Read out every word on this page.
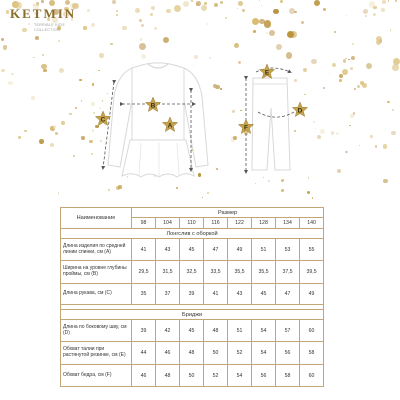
KETMIN
TERRIBLE KIDS
COLLECTION
C
B
A
E
F
D
Наименование	Размер							
	98	104	110	116	122	128	134	140
Лонгслив с оборкой								
Длина изделия по средней линии спинки, см (А)	41	43	45	47	49	51	53	55
Ширина на уровне глубины проймы, см (В)	29,5	31,5	32,5	33,5	35,5	35,5	37,5	39,5
Длина рукава, см (С)	35	37	39	41	43	45	47	49

Бриджи								
Длина по боковому шву, см (D)	39	42	45	48	51	54	57	60
Обхват талии при растянутой резинке, см (Е)	44	46	48	50	52	54	56	58
Обхват бедра, см (F)	46	48	50	52	54	56	58	60
